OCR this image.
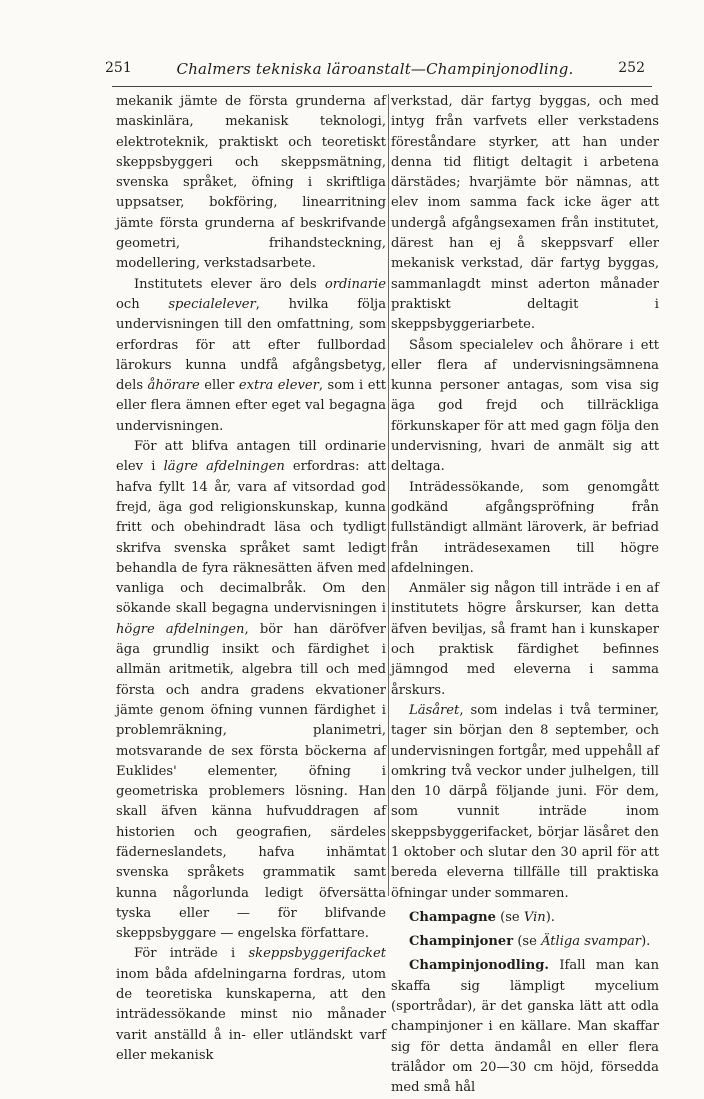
251	Chalmers tekniska läroanstalt—Champinjonodling.	252

mekanik jämte de första grunderna af maskinlära, mekanisk teknologi, elektroteknik, praktiskt och teoretiskt skeppsbyggeri och skeppsmätning, svenska språket, öfning i skriftliga uppsatser, bokföring, linearritning jämte första grunderna af beskrifvande geometri, frihandsteckning, modellering, verkstadsarbete.

Institutets elever äro dels ordinarie och specialelever, hvilka följa undervisningen till den omfattning, som erfordras för att efter fullbordad lärokurs kunna undfå afgångsbetyg, dels åhörare eller extra elever, som i ett eller flera ämnen efter eget val begagna undervisningen.

För att blifva antagen till ordinarie elev i lägre afdelningen erfordras: att hafva fyllt 14 år, vara af vitsordad god frejd, äga god religionskunskap, kunna fritt och obehindradt läsa och tydligt skrifva svenska språket samt ledigt behandla de fyra räknesätten äfven med vanliga och decimalbråk. Om den sökande skall begagna undervisningen i högre afdelningen, bör han däröfver äga grundlig insikt och färdighet i allmän aritmetik, algebra till och med första och andra gradens ekvationer jämte genom öfning vunnen färdighet i problemräkning, planimetri, motsvarande de sex första böckerna af Euklides' elementer, öfning i geometriska problemers lösning. Han skall äfven känna hufvuddragen af historien och geografien, särdeles fäderneslandets, hafva inhämtat svenska språkets grammatik samt kunna någorlunda ledigt öfversätta tyska eller — för blifvande skeppsbyggare — engelska författare.

För inträde i skeppsbyggerifacket inom båda afdelningarna fordras, utom de teoretiska kunskaperna, att den inträdessökande minst nio månader varit anställd å in- eller utländskt varf eller mekanisk

verkstad, där fartyg byggas, och med intyg från varfvets eller verkstadens föreståndare styrker, att han under denna tid flitigt deltagit i arbetena därstädes; hvarjämte bör nämnas, att elev inom samma fack icke äger att undergå afgångsexamen från institutet, därest han ej å skeppsvarf eller mekanisk verkstad, där fartyg byggas, sammanlagdt minst aderton månader praktiskt deltagit i skeppsbyggeriarbete.

Såsom specialelev och åhörare i ett eller flera af undervisningsämnena kunna personer antagas, som visa sig äga god frejd och tillräckliga förkunskaper för att med gagn följa den undervisning, hvari de anmält sig att deltaga.

Inträdessökande, som genomgått godkänd afgångspröfning från fullständigt allmänt läroverk, är befriad från inträdesexamen till högre afdelningen.

Anmäler sig någon till inträde i en af institutets högre årskurser, kan detta äfven beviljas, så framt han i kunskaper och praktisk färdighet befinnes jämngod med eleverna i samma årskurs.

Läsåret, som indelas i två terminer, tager sin början den 8 september, och undervisningen fortgår, med uppehåll af omkring två veckor under julhelgen, till den 10 därpå följande juni. För dem, som vunnit inträde inom skeppsbyggerifacket, börjar läsåret den 1 oktober och slutar den 30 april för att bereda eleverna tillfälle till praktiska öfningar under sommaren.

Champagne (se Vin).

Champinjoner (se Ätliga svampar).

Champinjonodling. Ifall man kan skaffa sig lämpligt mycelium (sportrådar), är det ganska lätt att odla champinjoner i en källare. Man skaffar sig för detta ändamål en eller flera trälådor om 20—30 cm höjd, försedda med små hål
